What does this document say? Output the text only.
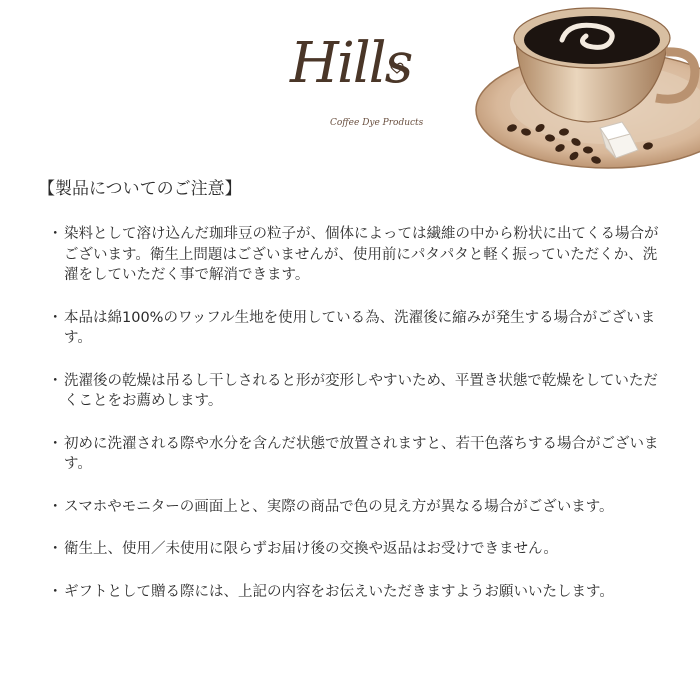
Hills
Coffee Dye Products
【製品についてのご注意】
・ 染料として溶け込んだ珈琲豆の粒子が、個体によっては繊維の中から粉状に出てくる場合がございます。衛生上問題はございませんが、使用前にパタパタと軽く振っていただくか、洗濯をしていただく事で解消できます。
・ 本品は綿100%のワッフル生地を使用している為、洗濯後に縮みが発生する場合がございます。
・ 洗濯後の乾燥は吊るし干しされると形が変形しやすいため、平置き状態で乾燥をしていただくことをお薦めします。
・ 初めに洗濯される際や水分を含んだ状態で放置されますと、若干色落ちする場合がございます。
・ スマホやモニターの画面上と、実際の商品で色の見え方が異なる場合がございます。
・ 衛生上、使用／未使用に限らずお届け後の交換や返品はお受けできません。
・ ギフトとして贈る際には、上記の内容をお伝えいただきますようお願いいたします。
